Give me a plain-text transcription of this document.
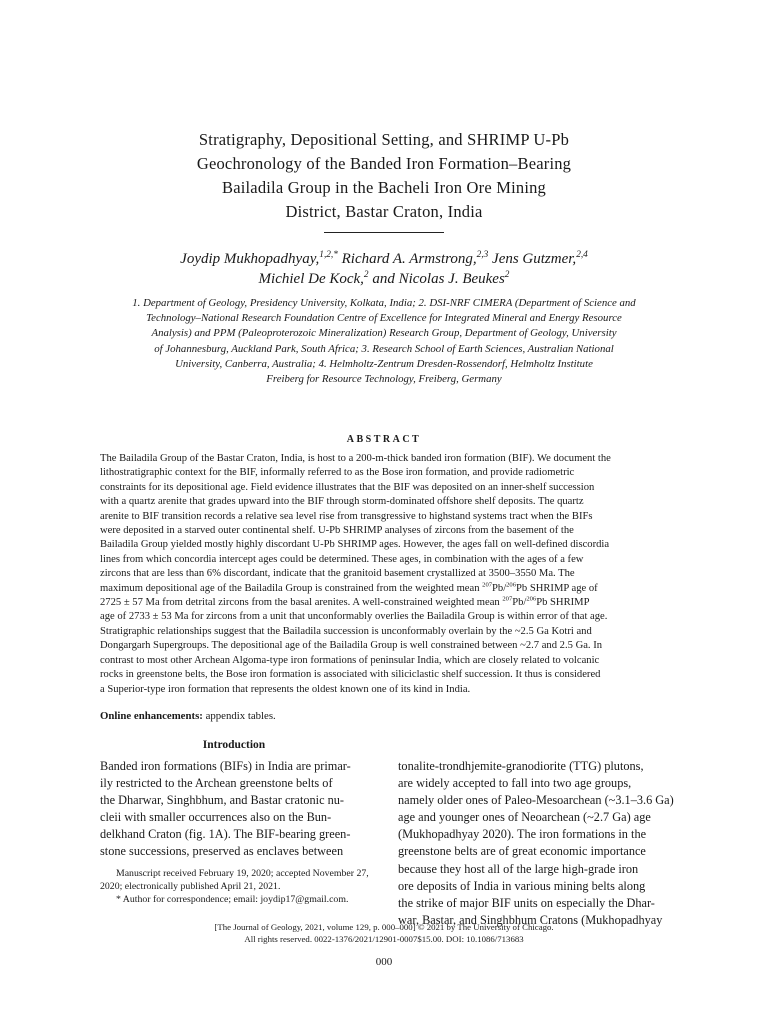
Stratigraphy, Depositional Setting, and SHRIMP U-Pb
Geochronology of the Banded Iron Formation–Bearing
Bailadila Group in the Bacheli Iron Ore Mining
District, Bastar Craton, India
Joydip Mukhopadhyay,$^{1,2,*}$ Richard A. Armstrong,$^{2,3}$ Jens Gutzmer,$^{2,4}$
Michiel De Kock,$^2$ and Nicolas J. Beukes$^2$
1. Department of Geology, Presidency University, Kolkata, India; 2. DSI-NRF CIMERA (Department of Science and
Technology–National Research Foundation Centre of Excellence for Integrated Mineral and Energy Resource
Analysis) and PPM (Paleoproterozoic Mineralization) Research Group, Department of Geology, University
of Johannesburg, Auckland Park, South Africa; 3. Research School of Earth Sciences, Australian National
University, Canberra, Australia; 4. Helmholtz-Zentrum Dresden-Rossendorf, Helmholtz Institute
Freiberg for Resource Technology, Freiberg, Germany
ABSTRACT
The Bailadila Group of the Bastar Craton, India, is host to a 200-m-thick banded iron formation (BIF). We document the
lithostratigraphic context for the BIF, informally referred to as the Bose iron formation, and provide radiometric
constraints for its depositional age. Field evidence illustrates that the BIF was deposited on an inner-shelf succession
with a quartz arenite that grades upward into the BIF through storm-dominated offshore shelf deposits. The quartz
arenite to BIF transition records a relative sea level rise from transgressive to highstand systems tract when the BIFs
were deposited in a starved outer continental shelf. U-Pb SHRIMP analyses of zircons from the basement of the
Bailadila Group yielded mostly highly discordant U-Pb SHRIMP ages. However, the ages fall on well-defined discordia
lines from which concordia intercept ages could be determined. These ages, in combination with the ages of a few
zircons that are less than 6% discordant, indicate that the granitoid basement crystallized at 3500–3550 Ma. The
maximum depositional age of the Bailadila Group is constrained from the weighted mean $^{207}$Pb/$^{206}$Pb SHRIMP age of
2725 ± 57 Ma from detrital zircons from the basal arenites. A well-constrained weighted mean $^{207}$Pb/$^{206}$Pb SHRIMP
age of 2733 ± 53 Ma for zircons from a unit that unconformably overlies the Bailadila Group is within error of that age.
Stratigraphic relationships suggest that the Bailadila succession is unconformably overlain by the ~2.5 Ga Kotri and
Dongargarh Supergroups. The depositional age of the Bailadila Group is well constrained between ~2.7 and 2.5 Ga. In
contrast to most other Archean Algoma-type iron formations of peninsular India, which are closely related to volcanic
rocks in greenstone belts, the Bose iron formation is associated with siliciclastic shelf succession. It thus is considered
a Superior-type iron formation that represents the oldest known one of its kind in India.
Online enhancements: appendix tables.
Introduction
Banded iron formations (BIFs) in India are primar-
ily restricted to the Archean greenstone belts of
the Dharwar, Singhbhum, and Bastar cratonic nu-
cleii with smaller occurrences also on the Bun-
delkhand Craton (fig. 1A). The BIF-bearing green-
stone successions, preserved as enclaves between
tonalite-trondhjemite-granodiorite (TTG) plutons,
are widely accepted to fall into two age groups,
namely older ones of Paleo-Mesoarchean (~3.1–3.6 Ga)
age and younger ones of Neoarchean (~2.7 Ga) age
(Mukhopadhyay 2020). The iron formations in the
greenstone belts are of great economic importance
because they host all of the large high-grade iron
ore deposits of India in various mining belts along
the strike of major BIF units on especially the Dhar-
war, Bastar, and Singhbhum Cratons (Mukhopadhyay
Manuscript received February 19, 2020; accepted November 27,
2020; electronically published April 21, 2021.
* Author for correspondence; email: joydip17@gmail.com.
[The Journal of Geology, 2021, volume 129, p. 000–000] © 2021 by The University of Chicago.
All rights reserved. 0022-1376/2021/12901-0007$15.00. DOI: 10.1086/713683
000
